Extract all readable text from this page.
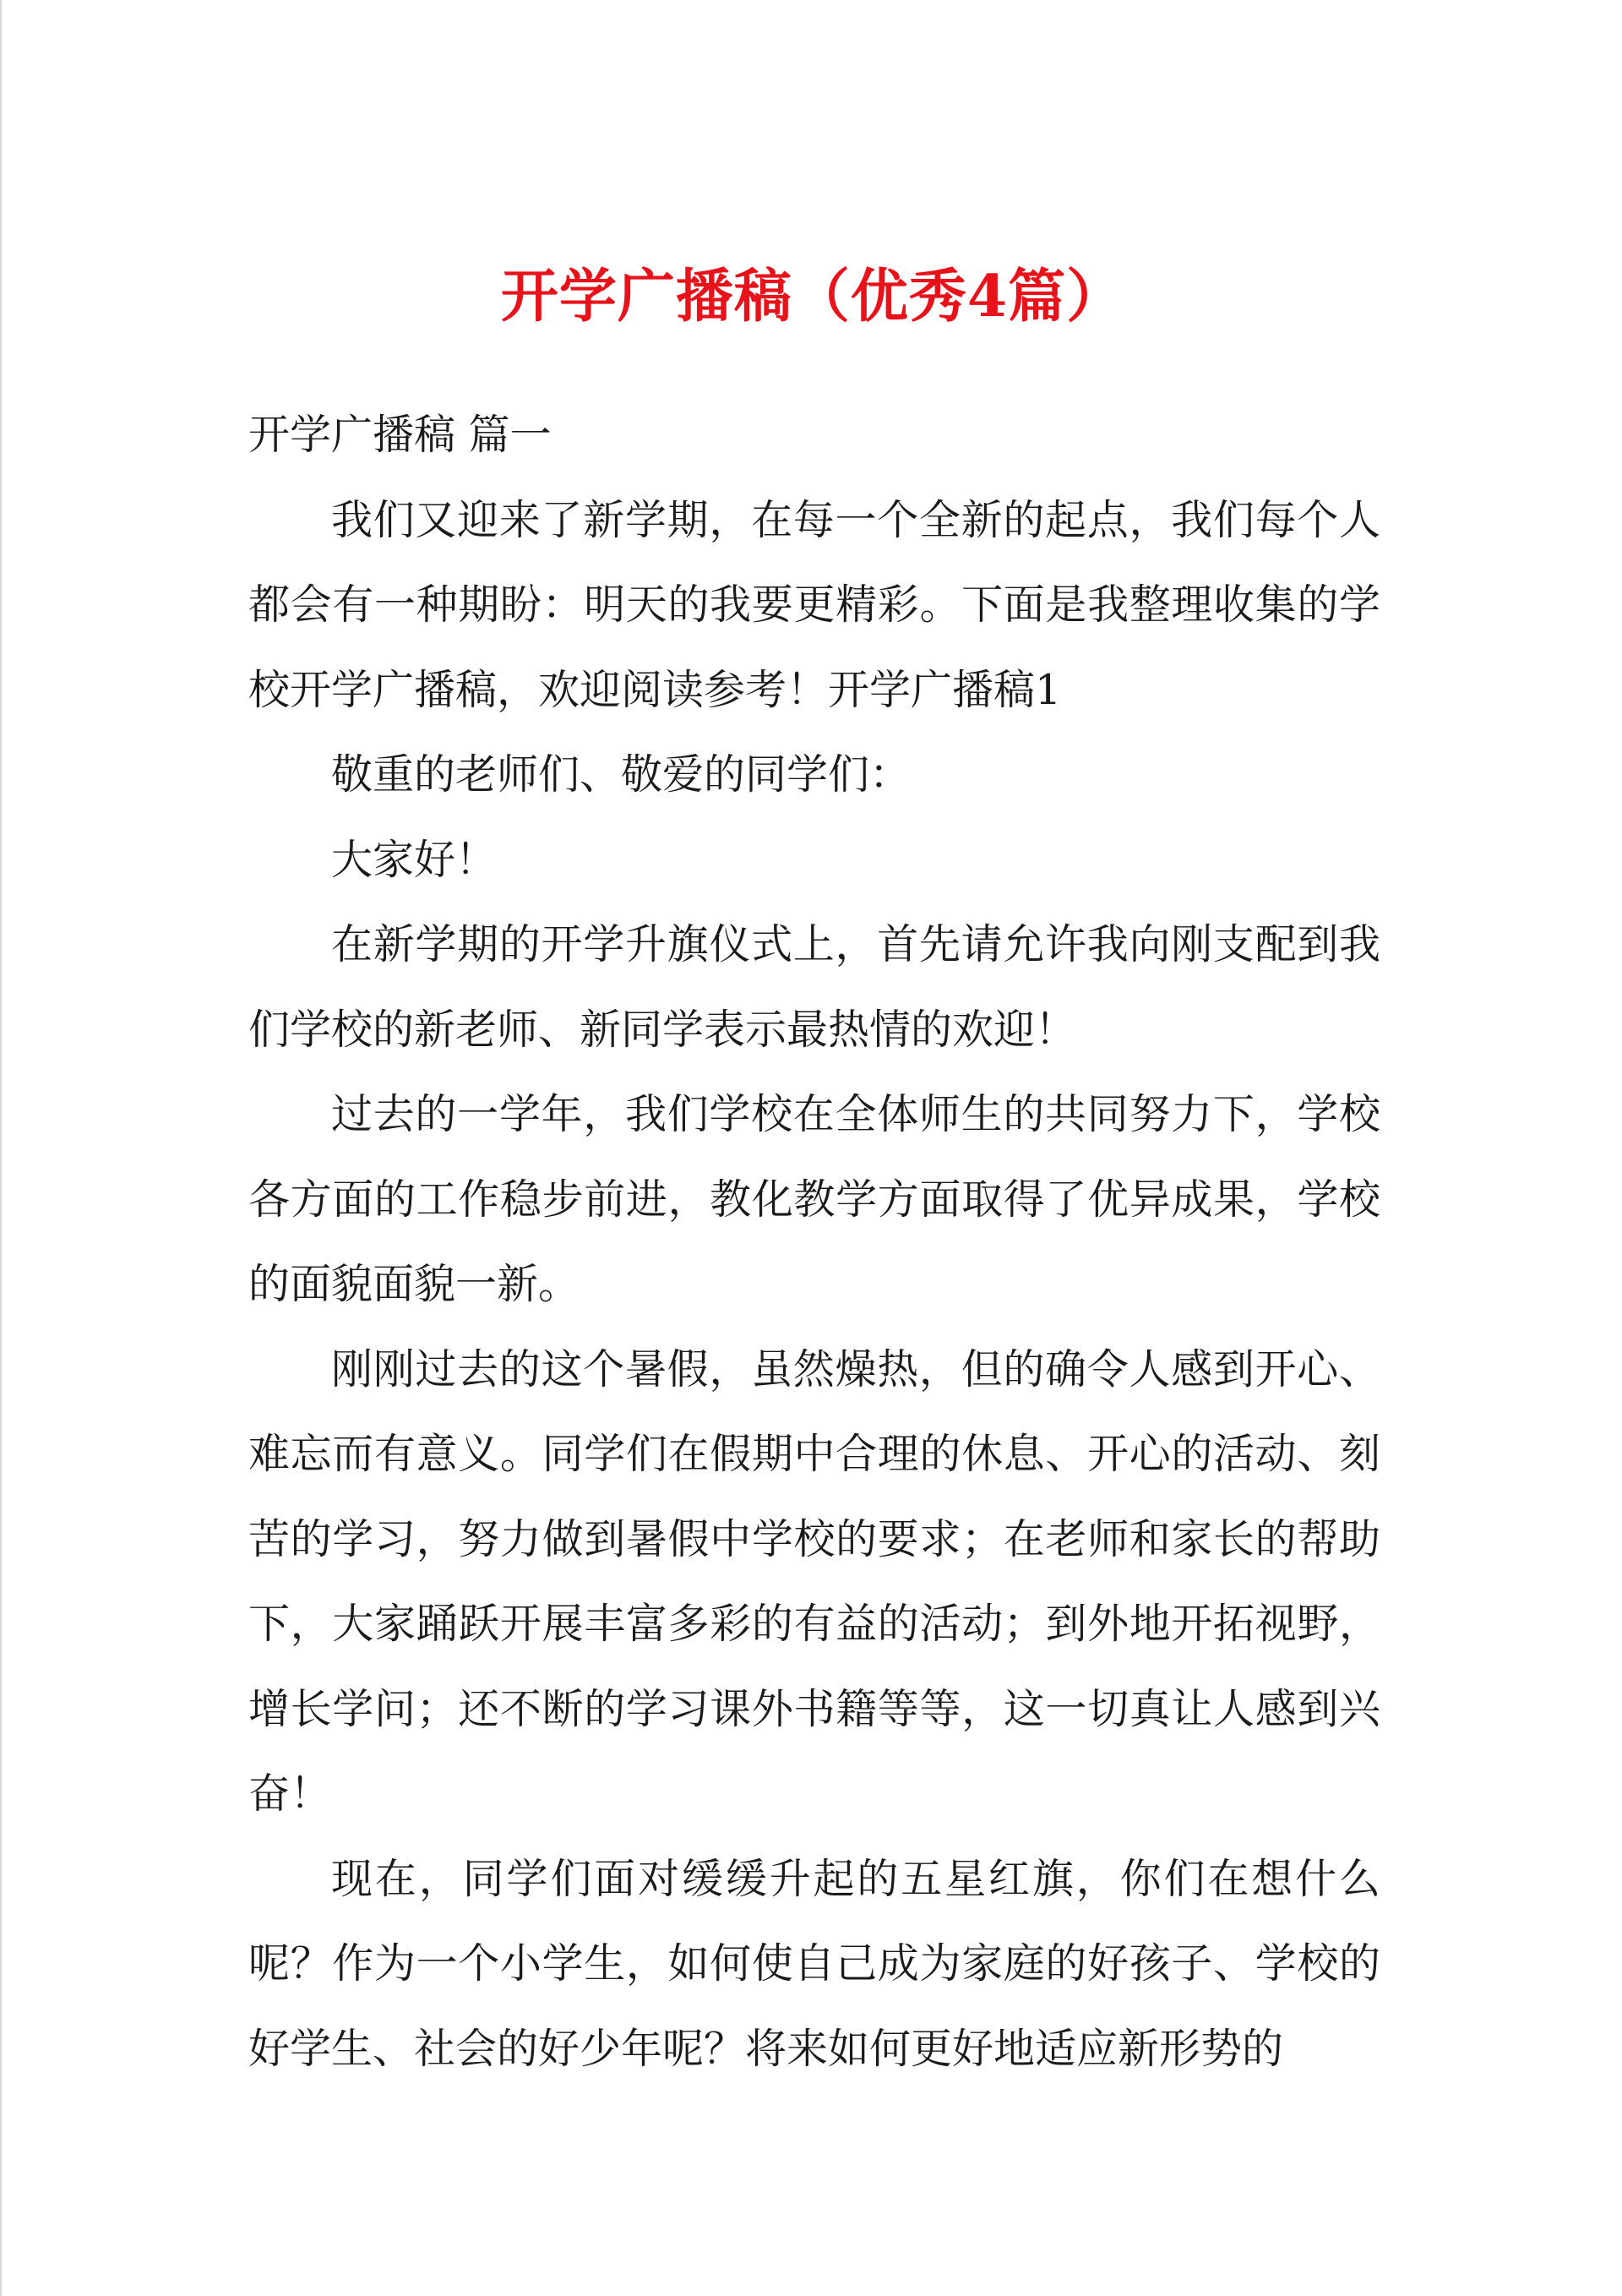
开学广播稿（优秀4篇）

开学广播稿 篇一

我们又迎来了新学期，在每一个全新的起点，我们每个人都会有一种期盼：明天的我要更精彩。下面是我整理收集的学校开学广播稿，欢迎阅读参考！开学广播稿1

敬重的老师们、敬爱的同学们：

大家好！

在新学期的开学升旗仪式上，首先请允许我向刚支配到我们学校的新老师、新同学表示最热情的欢迎！

过去的一学年，我们学校在全体师生的共同努力下，学校各方面的工作稳步前进，教化教学方面取得了优异成果，学校的面貌面貌一新。

刚刚过去的这个暑假，虽然燥热，但的确令人感到开心、难忘而有意义。同学们在假期中合理的休息、开心的活动、刻苦的学习，努力做到暑假中学校的要求；在老师和家长的帮助下，大家踊跃开展丰富多彩的有益的活动；到外地开拓视野，增长学问；还不断的学习课外书籍等等，这一切真让人感到兴奋！

现在，同学们面对缓缓升起的五星红旗，你们在想什么呢？作为一个小学生，如何使自己成为家庭的好孩子、学校的好学生、社会的好少年呢？将来如何更好地适应新形势的
